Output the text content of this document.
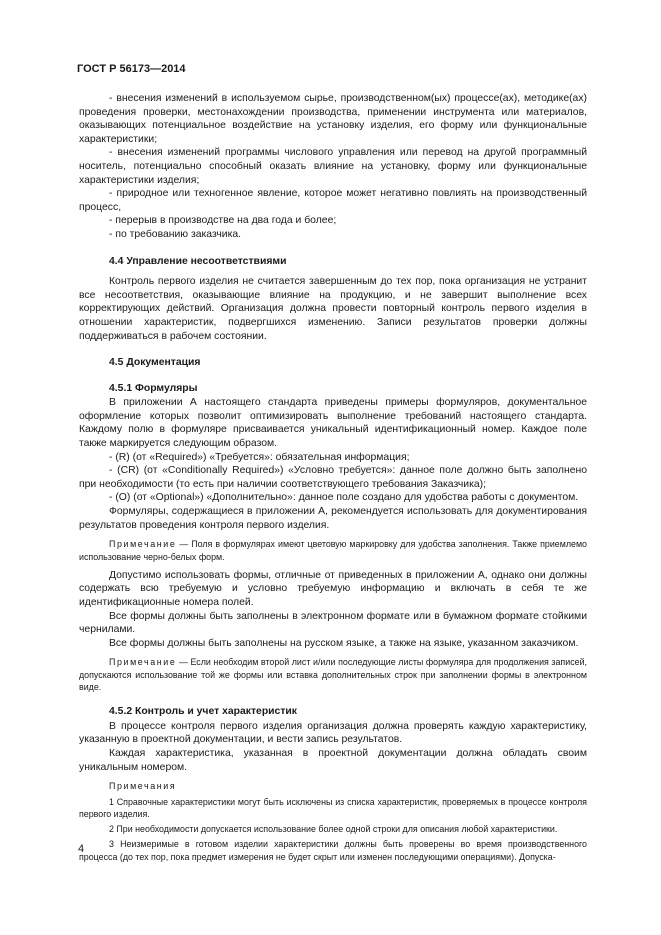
ГОСТ Р 56173—2014

- внесения изменений в используемом сырье, производственном(ых) процессе(ах), методике(ах) проведения проверки, местонахождении производства, применении инструмента или материалов, оказывающих потенциальное воздействие на установку изделия, его форму или функциональные характеристики;

- внесения изменений программы числового управления или перевод на другой программный носитель, потенциально способный оказать влияние на установку, форму или функциональные характеристики изделия;

- природное или техногенное явление, которое может негативно повлиять на производственный процесс,

- перерыв в производстве на два года и более;

- по требованию заказчика.

4.4 Управление несоответствиями

Контроль первого изделия не считается завершенным до тех пор, пока организация не устранит все несоответствия, оказывающие влияние на продукцию, и не завершит выполнение всех корректирующих действий. Организация должна провести повторный контроль первого изделия в отношении характеристик, подвергшихся изменению. Записи результатов проверки должны поддерживаться в рабочем состоянии.

4.5 Документация
4.5.1 Формуляры

В приложении А настоящего стандарта приведены примеры формуляров, документальное оформление которых позволит оптимизировать выполнение требований настоящего стандарта. Каждому полю в формуляре присваивается уникальный идентификационный номер. Каждое поле также маркируется следующим образом.

- (R) (от «Required») «Требуется»: обязательная информация;

- (CR) (от «Conditionally Required») «Условно требуется»: данное поле должно быть заполнено при необходимости (то есть при наличии соответствующего требования Заказчика);

- (O) (от «Optional») «Дополнительно»: данное поле создано для удобства работы с документом.

Формуляры, содержащиеся в приложении А, рекомендуется использовать для документирования результатов проведения контроля первого изделия.

Примечание — Поля в формулярах имеют цветовую маркировку для удобства заполнения. Также приемлемо использование черно-белых форм.

Допустимо использовать формы, отличные от приведенных в приложении А, однако они должны содержать всю требуемую и условно требуемую информацию и включать в себя те же идентификационные номера полей.

Все формы должны быть заполнены в электронном формате или в бумажном формате стойкими чернилами.

Все формы должны быть заполнены на русском языке, а также на языке, указанном заказчиком.

Примечание — Если необходим второй лист и/или последующие листы формуляра для продолжения записей, допускаются использование той же формы или вставка дополнительных строк при заполнении формы в электронном виде.

4.5.2 Контроль и учет характеристик

В процессе контроля первого изделия организация должна проверять каждую характеристику, указанную в проектной документации, и вести запись результатов.

Каждая характеристика, указанная в проектной документации должна обладать своим уникальным номером.

Примечания

1 Справочные характеристики могут быть исключены из списка характеристик, проверяемых в процессе контроля первого изделия.

2 При необходимости допускается использование более одной строки для описания любой характеристики.

3 Неизмеримые в готовом изделии характеристики должны быть проверены во время производственного процесса (до тех пор, пока предмет измерения не будет скрыт или изменен последующими операциями). Допуска-

4
